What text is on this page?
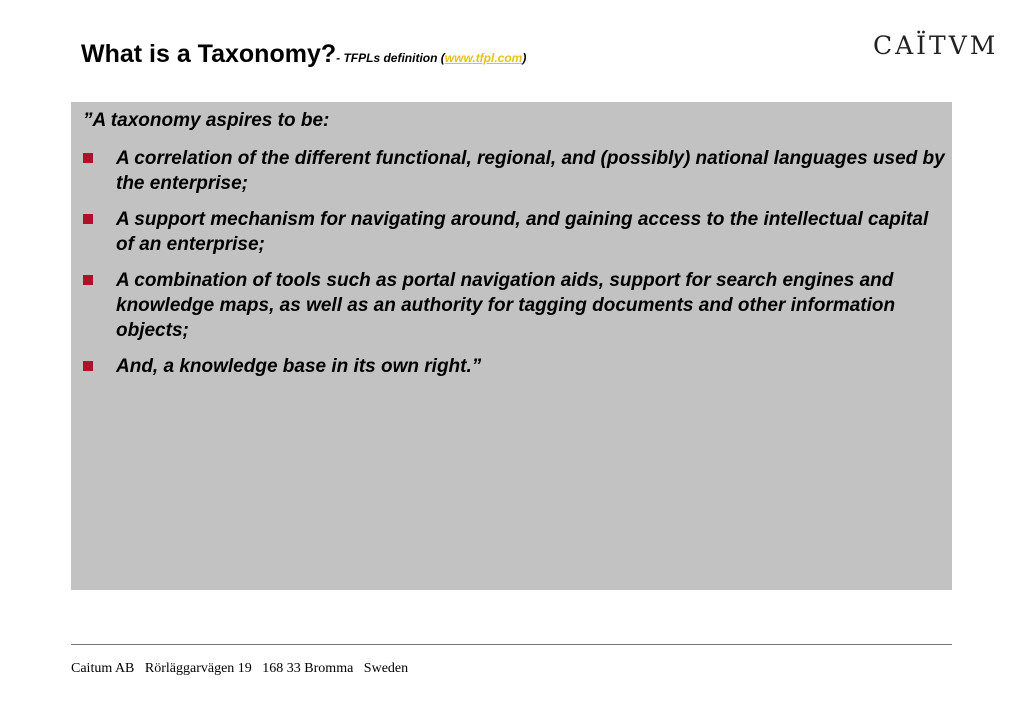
What is a Taxonomy?- TFPLs definition (www.tfpl.com)	CAÏTVM
”A taxonomy aspires to be:
A correlation of the different functional, regional, and (possibly) national languages used by the enterprise;
A support mechanism for navigating around, and gaining access to the intellectual capital of an enterprise;
A combination of tools such as portal navigation aids, support for search engines and knowledge maps, as well as an authority for tagging documents and other information objects;
And, a knowledge base in its own right.”
Caitum AB   Rörläggarvägen 19   168 33 Bromma   Sweden
